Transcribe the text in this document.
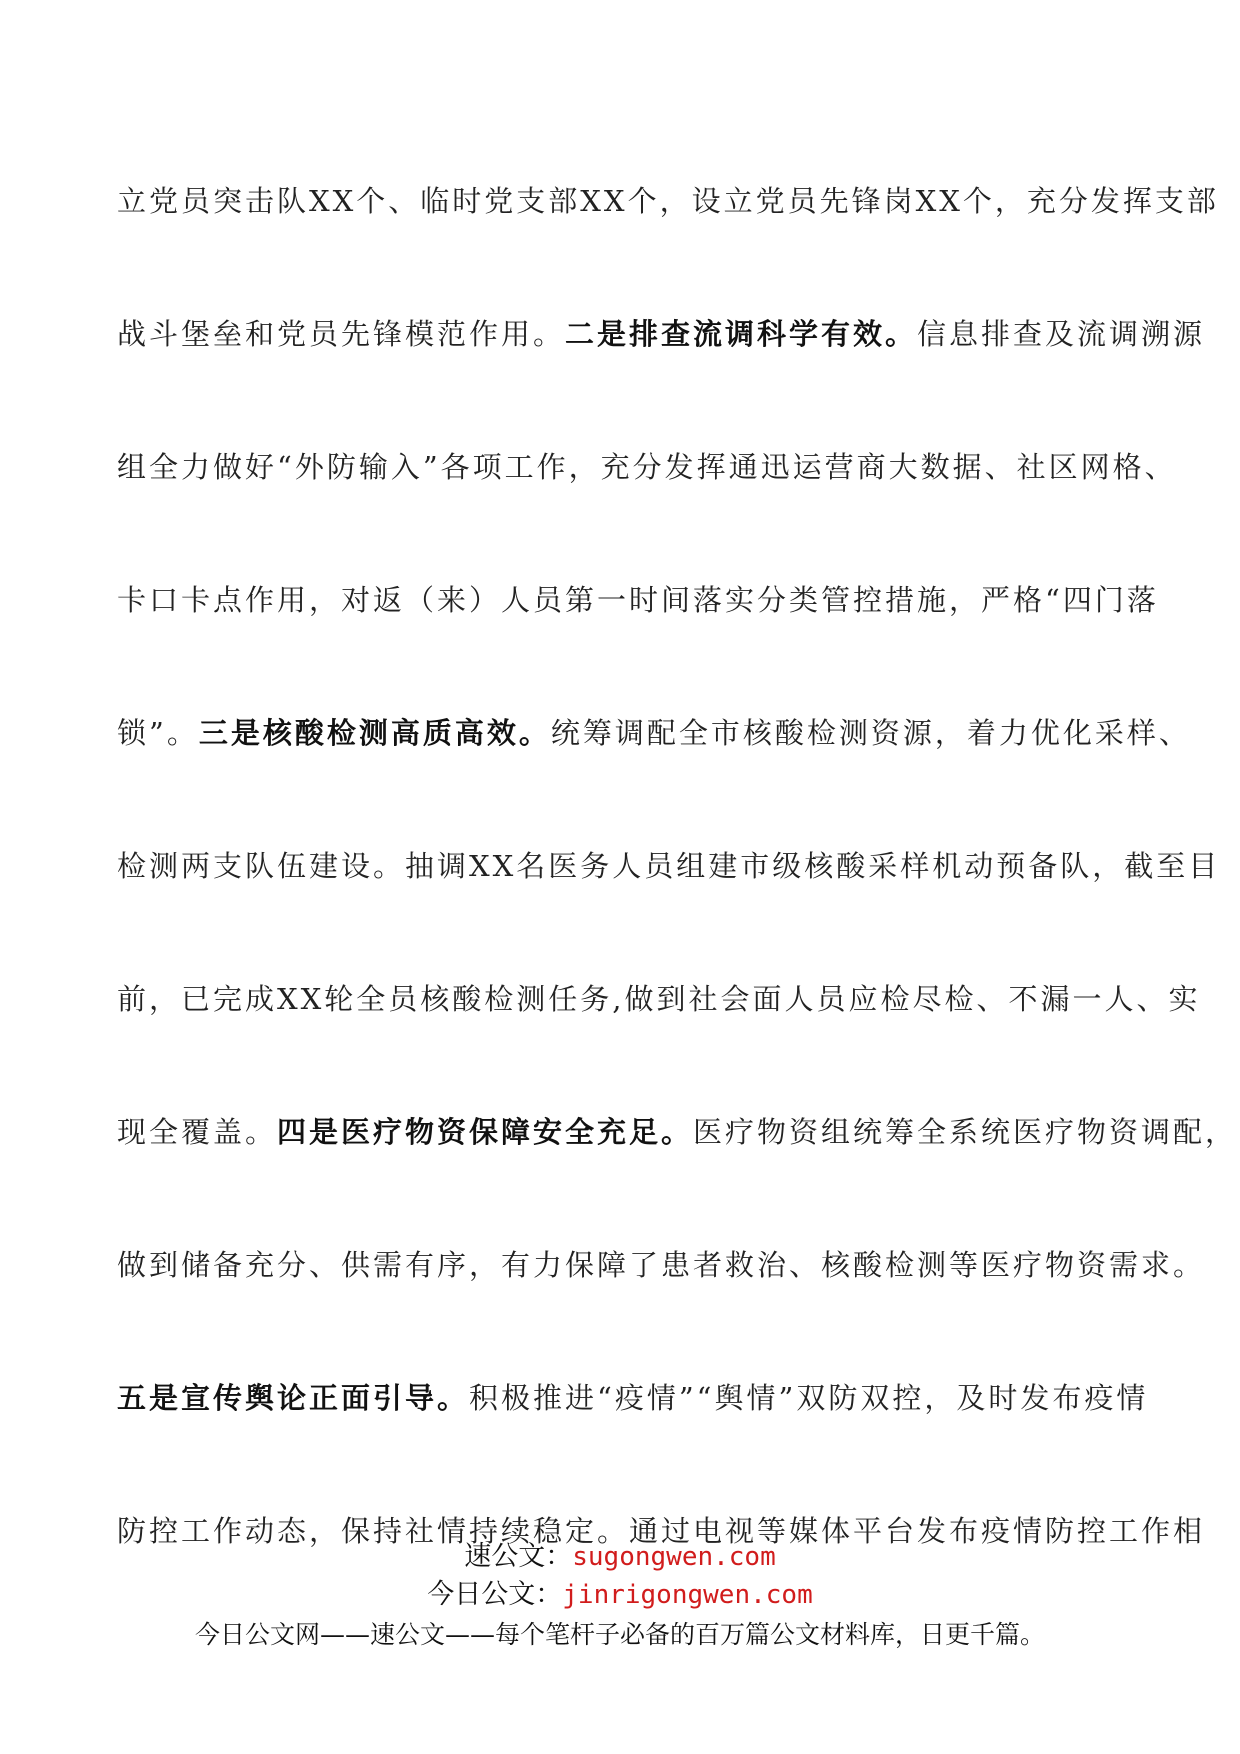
立党员突击队XX个、临时党支部XX个，设立党员先锋岗XX个，充分发挥支部
战斗堡垒和党员先锋模范作用。二是排查流调科学有效。信息排查及流调溯源
组全力做好“外防输入”各项工作，充分发挥通迅运营商大数据、社区网格、
卡口卡点作用，对返（来）人员第一时间落实分类管控措施，严格“四门落
锁”。三是核酸检测高质高效。统筹调配全市核酸检测资源，着力优化采样、
检测两支队伍建设。抽调XX名医务人员组建市级核酸采样机动预备队，截至目
前，已完成XX轮全员核酸检测任务,做到社会面人员应检尽检、不漏一人、实
现全覆盖。四是医疗物资保障安全充足。医疗物资组统筹全系统医疗物资调配，
做到储备充分、供需有序，有力保障了患者救治、核酸检测等医疗物资需求。
五是宣传舆论正面引导。积极推进“疫情”“舆情”双防双控，及时发布疫情
防控工作动态，保持社情持续稳定。通过电视等媒体平台发布疫情防控工作相
速公文：sugongwen.com
今日公文：jinrigongwen.com
今日公文网——速公文——每个笔杆子必备的百万篇公文材料库，日更千篇。
